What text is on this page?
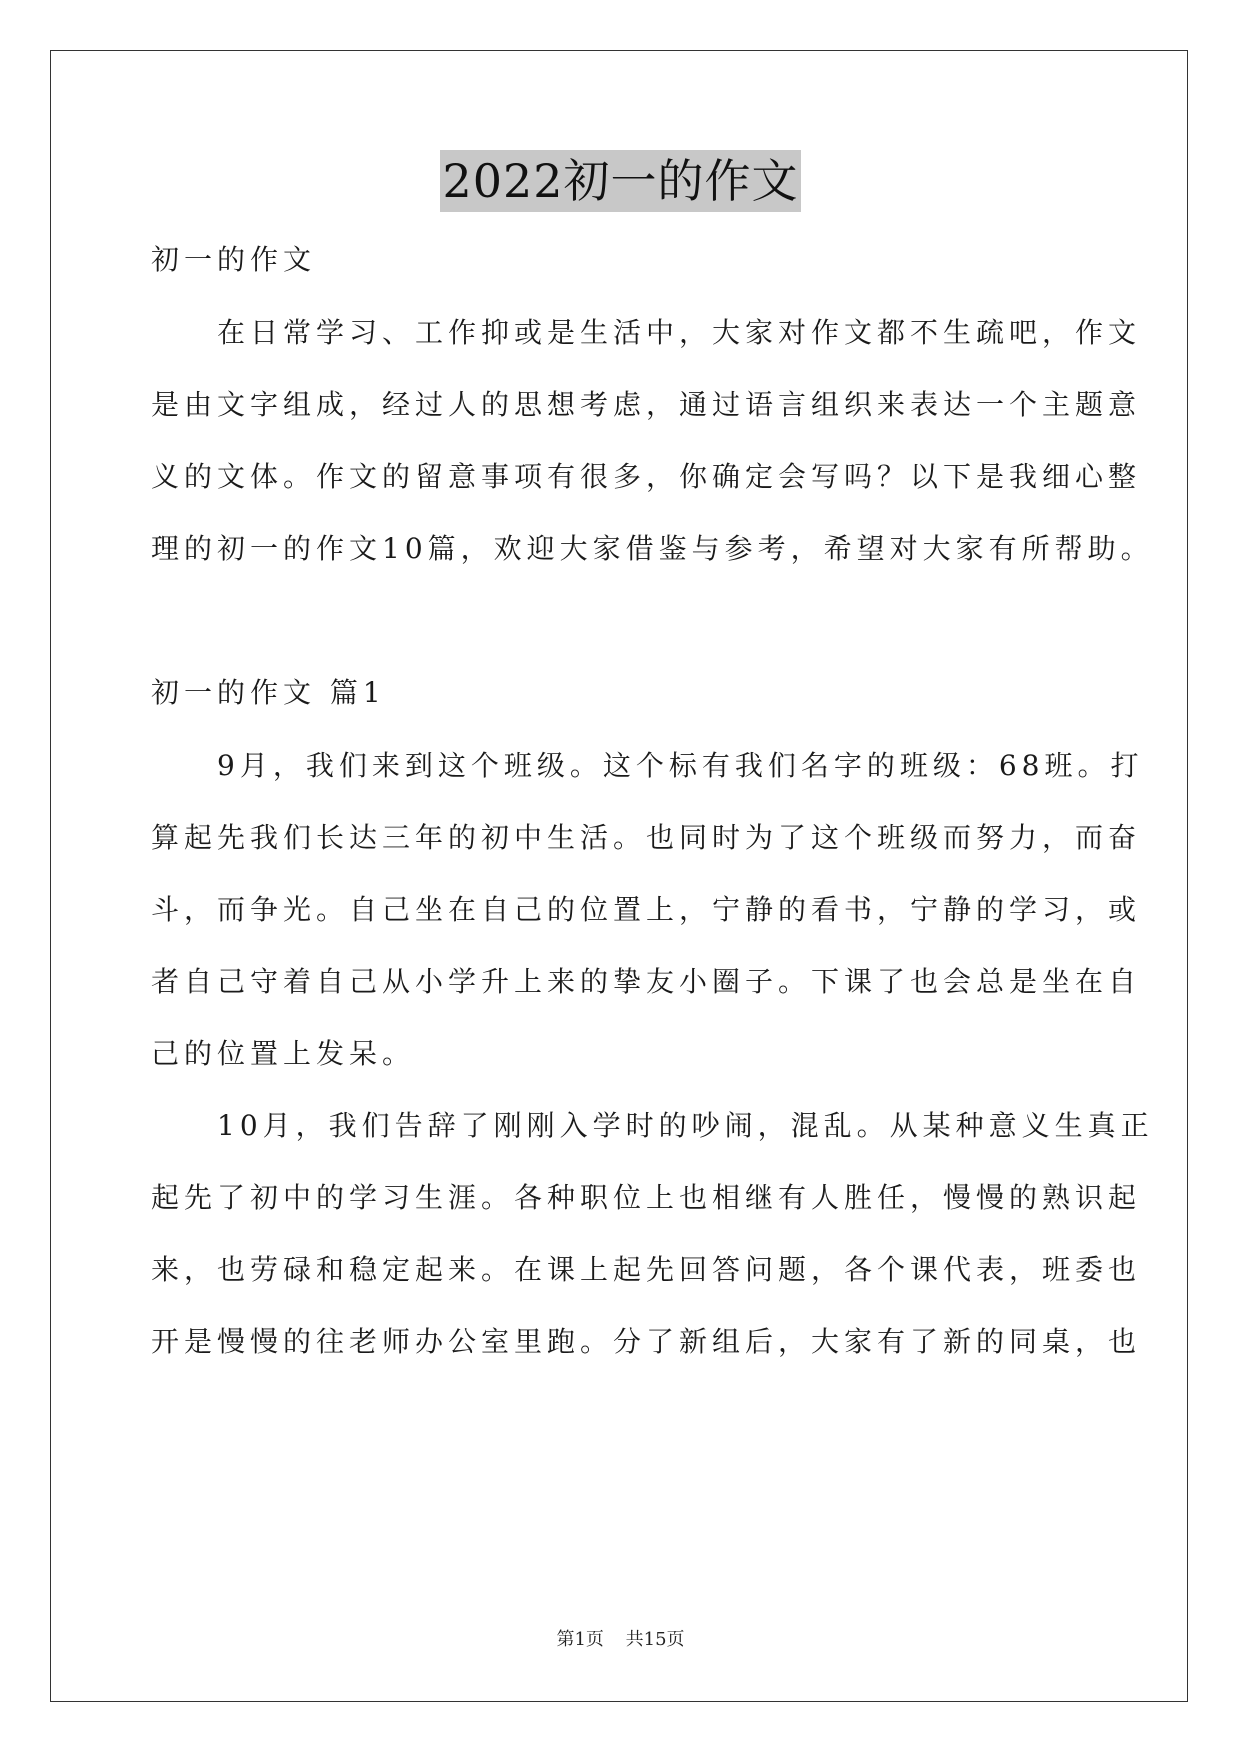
2022初一的作文
初一的作文
　　在日常学习、工作抑或是生活中，大家对作文都不生疏吧，作文
是由文字组成，经过人的思想考虑，通过语言组织来表达一个主题意
义的文体。作文的留意事项有很多，你确定会写吗？以下是我细心整
理的初一的作文10篇，欢迎大家借鉴与参考，希望对大家有所帮助。
初一的作文 篇1
　　9月，我们来到这个班级。这个标有我们名字的班级：68班。打
算起先我们长达三年的初中生活。也同时为了这个班级而努力，而奋
斗，而争光。自己坐在自己的位置上，宁静的看书，宁静的学习，或
者自己守着自己从小学升上来的挚友小圈子。下课了也会总是坐在自
己的位置上发呆。
　　10月，我们告辞了刚刚入学时的吵闹，混乱。从某种意义生真正
起先了初中的学习生涯。各种职位上也相继有人胜任，慢慢的熟识起
来，也劳碌和稳定起来。在课上起先回答问题，各个课代表，班委也
开是慢慢的往老师办公室里跑。分了新组后，大家有了新的同桌，也
第1页 共15页
